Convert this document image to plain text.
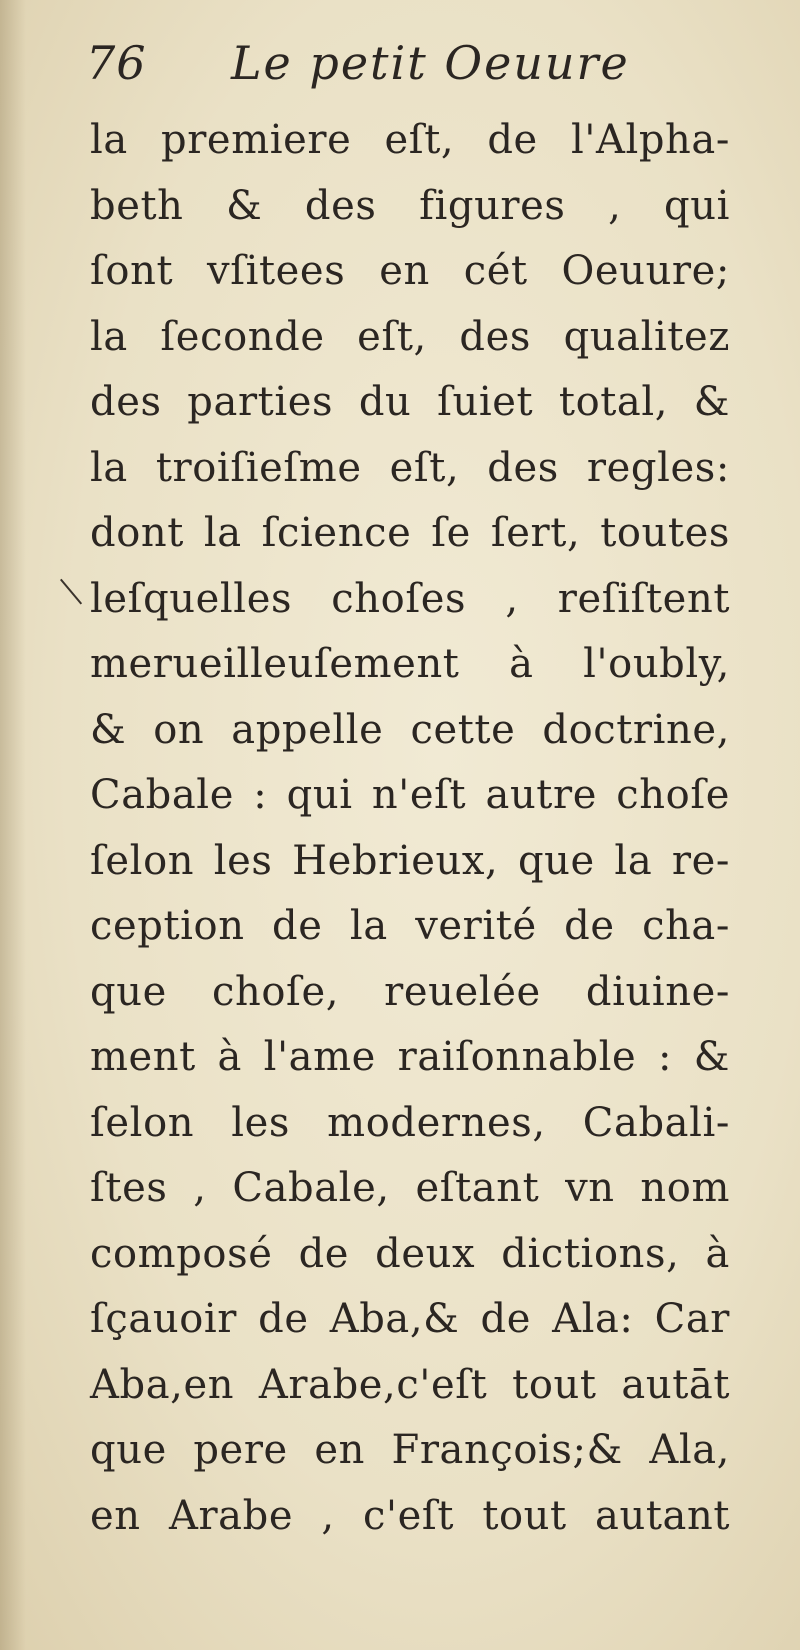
76	Le petit Oeuure
la premiere eſt, de l'Alpha-
beth & des figures , qui
ſont vſitees en cét Oeuure;
la ſeconde eſt, des qualitez
des parties du ſuiet total, &
la troiſieſme eſt, des regles:
dont la ſcience ſe ſert, toutes
leſquelles choſes , reſiſtent
merueilleuſement à l'oubly,
& on appelle cette doctrine,
Cabale : qui n'eſt autre choſe
ſelon les Hebrieux, que la re-
ception de la verité de cha-
que choſe, reuelée diuine-
ment à l'ame raiſonnable : &
ſelon les modernes, Cabali-
ſtes , Cabale, eſtant vn nom
composé de deux dictions, à
ſçauoir de Aba,& de Ala: Car
Aba,en Arabe,c'eſt tout autāt
que pere en François;& Ala,
en Arabe , c'eſt tout autant
